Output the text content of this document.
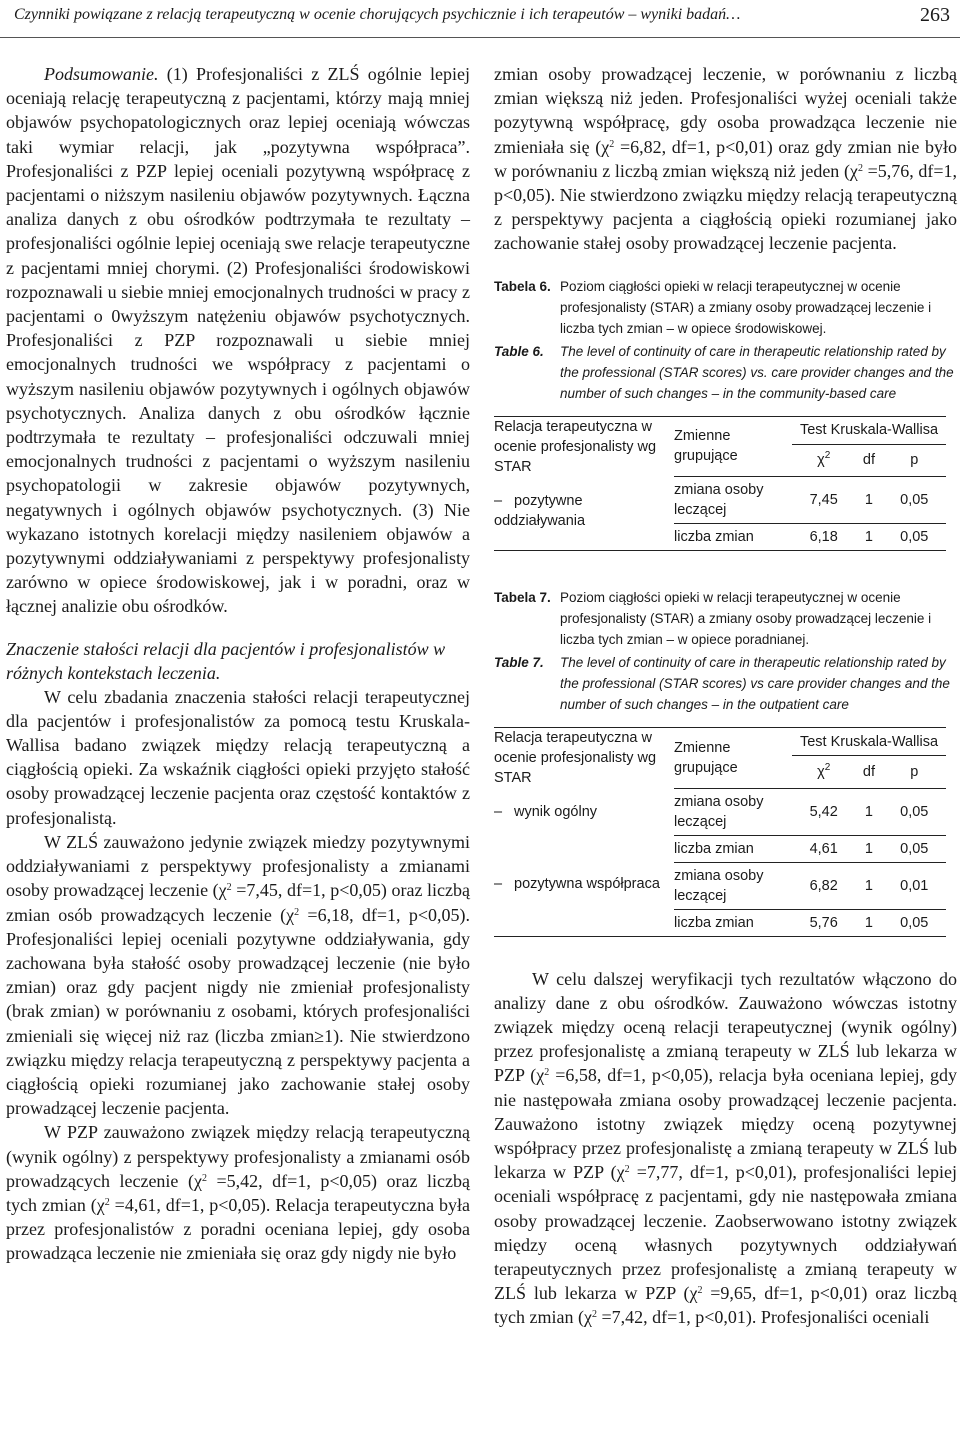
Czynniki powiązane z relacją terapeutyczną w ocenie chorujących psychicznie i ich terapeutów – wyniki badań…	263

Podsumowanie. (1) Profesjonaliści z ZLŚ ogólnie lepiej oceniają relację terapeutyczną z pacjentami, którzy mają mniej objawów psychopatologicznych oraz lepiej oceniają wówczas taki wymiar relacji, jak „pozytywna współpraca”. Profesjonaliści z PZP lepiej oceniali pozytywną współpracę z pacjentami o niższym nasileniu objawów pozytywnych. Łączna analiza danych z obu ośrodków podtrzymała te rezultaty – profesjonaliści ogólnie lepiej oceniają swe relacje terapeutyczne z pacjentami mniej chorymi. (2) Profesjonaliści środowiskowi rozpoznawali u siebie mniej emocjonalnych trudności w pracy z pacjentami o 0wyższym natężeniu objawów psychotycznych. Profesjonaliści z PZP rozpoznawali u siebie mniej emocjonalnych trudności we współpracy z pacjentami o wyższym nasileniu objawów pozytywnych i ogólnych objawów psychotycznych. Analiza danych z obu ośrodków łącznie podtrzymała te rezultaty – profesjonaliści odczuwali mniej emocjonalnych trudności z pacjentami o wyższym nasileniu psychopatologii w zakresie objawów pozytywnych, negatywnych i ogólnych objawów psychotycznych. (3) Nie wykazano istotnych korelacji między nasileniem objawów a pozytywnymi oddziaływaniami z perspektywy profesjonalisty zarówno w opiece środowiskowej, jak i w poradni, oraz w łącznej analizie obu ośrodków.

Znaczenie stałości relacji dla pacjentów i profesjonalistów w różnych kontekstach leczenia.

W celu zbadania znaczenia stałości relacji terapeutycznej dla pacjentów i profesjonalistów za pomocą testu Kruskala-Wallisa badano związek między relacją terapeutyczną a ciągłością opieki. Za wskaźnik ciągłości opieki przyjęto stałość osoby prowadzącej leczenie pacjenta oraz częstość kontaktów z profesjonalistą.

W ZLŚ zauważono jedynie związek miedzy pozytywnymi oddziaływaniami z perspektywy profesjonalisty a zmianami osoby prowadzącej leczenie ($\chi^2 =7,45$, df=1, p<0,05) oraz liczbą zmian osób prowadzących leczenie ($\chi^2 =6,18$, df=1, p<0,05). Profesjonaliści lepiej oceniali pozytywne oddziaływania, gdy zachowana była stałość osoby prowadzącej leczenie (nie było zmian) oraz gdy pacjent nigdy nie zmieniał profesjonalisty (brak zmian) w porównaniu z osobami, których profesjonaliści zmieniali się więcej niż raz (liczba zmian≥1). Nie stwierdzono związku między relacja terapeutyczną z perspektywy pacjenta a ciągłością opieki rozumianej jako zachowanie stałej osoby prowadzącej leczenie pacjenta.

W PZP zauważono związek między relacją terapeutyczną (wynik ogólny) z perspektywy profesjonalisty a zmianami osób prowadzących leczenie ($\chi^2 =5,42$, df=1, p<0,05) oraz liczbą tych zmian ($\chi^2 =4,61$, df=1, p<0,05). Relacja terapeutyczna była przez profesjonalistów z poradni oceniana lepiej, gdy osoba prowadząca leczenie nie zmieniała się oraz gdy nigdy nie było

zmian osoby prowadzącej leczenie, w porównaniu z liczbą zmian większą niż jeden. Profesjonaliści wyżej oceniali także pozytywną współpracę, gdy osoba prowadząca leczenie nie zmieniała się ($\chi^2 =6,82$, df=1, p<0,01) oraz gdy zmian nie było w porównaniu z liczbą zmian większą niż jeden ($\chi^2 =5,76$, df=1, p<0,05). Nie stwierdzono związku między relacją terapeutyczną z perspektywy pacjenta a ciągłością opieki rozumianej jako zachowanie stałej osoby prowadzącej leczenie pacjenta.

Tabela 6. Poziom ciągłości opieki w relacji terapeutycznej w ocenie profesjonalisty (STAR) a zmiany osoby prowadzącej leczenie i liczba tych zmian – w opiece środowiskowej.
Table 6.	The level of continuity of care in therapeutic relationship rated by the professional (STAR scores) vs. care provider changes and the number of such changes – in the community-based care
Relacja terapeutyczna w ocenie profesjonalisty wg STAR	Zmienne grupujące	Test Kruskala-Wallisa		
		$\chi^2$	df	p
– pozytywne oddziaływania	zmiana osoby leczącej	7,45	1	0,05
	liczba zmian	6,18	1	0,05
Tabela 7. Poziom ciągłości opieki w relacji terapeutycznej w ocenie profesjonalisty (STAR) a zmiany osoby prowadzącej leczenie i liczba tych zmian – w opiece poradnianej.
Table 7.	The level of continuity of care in therapeutic relationship rated by the professional (STAR scores) vs care provider changes and the number of such changes – in the outpatient care
Relacja terapeutyczna w ocenie profesjonalisty wg STAR	Zmienne grupujące	Test Kruskala-Wallisa		
		$\chi^2$	df	p
– wynik ogólny	zmiana osoby leczącej	5,42	1	0,05
	liczba zmian	4,61	1	0,05
– pozytywna współpraca	zmiana osoby leczącej	6,82	1	0,01
	liczba zmian	5,76	1	0,05

W celu dalszej weryfikacji tych rezultatów włączono do analizy dane z obu ośrodków. Zauważono wówczas istotny związek między oceną relacji terapeutycznej (wynik ogólny) przez profesjonalistę a zmianą terapeuty w ZLŚ lub lekarza w PZP ($\chi^2 =6,58$, df=1, p<0,05), relacja była oceniana lepiej, gdy nie następowała zmiana osoby prowadzącej leczenie pacjenta. Zauważono istotny związek między oceną pozytywnej współpracy przez profesjonalistę a zmianą terapeuty w ZLŚ lub lekarza w PZP ($\chi^2 =7,77$, df=1, p<0,01), profesjonaliści lepiej oceniali współpracę z pacjentami, gdy nie następowała zmiana osoby prowadzącej leczenie. Zaobserwowano istotny związek między oceną własnych pozytywnych oddziaływań terapeutycznych przez profesjonalistę a zmianą terapeuty w ZLŚ lub lekarza w PZP ($\chi^2 =9,65$, df=1, p<0,01) oraz liczbą tych zmian ($\chi^2 =7,42$, df=1, p<0,01). Profesjonaliści oceniali
